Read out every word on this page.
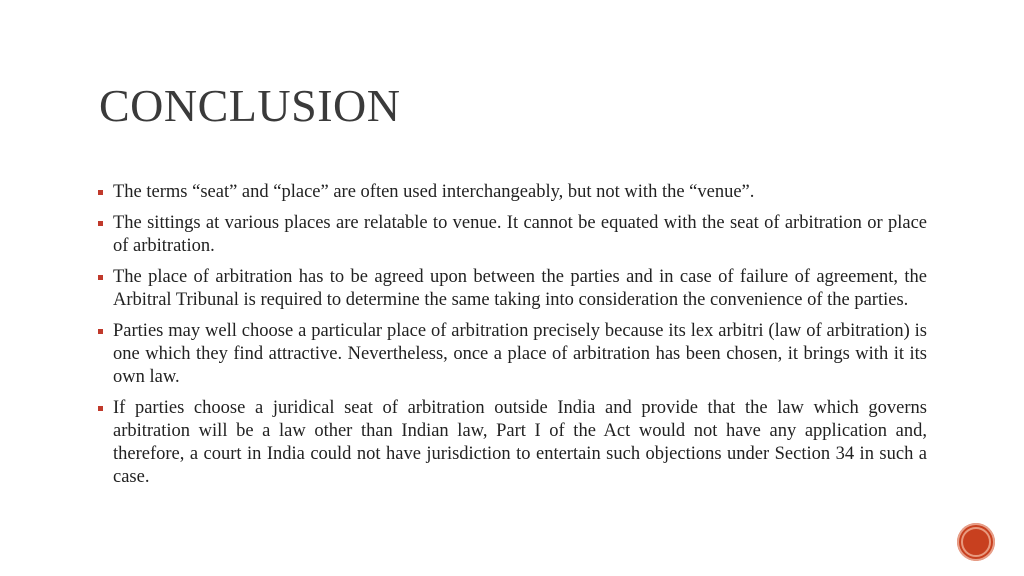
CONCLUSION
The terms “seat” and “place” are often used interchangeably, but not with the “venue”.
The sittings at various places are relatable to venue. It cannot be equated with the seat of arbitration or place of arbitration.
The place of arbitration has to be agreed upon between the parties and in case of failure of agreement, the Arbitral Tribunal is required to determine the same taking into consideration the convenience of the parties.
Parties may well choose a particular place of arbitration precisely because its lex arbitri (law of arbitration) is one which they find attractive. Nevertheless, once a place of arbitration has been chosen, it brings with it its own law.
If parties choose a juridical seat of arbitration outside India and provide that the law which governs arbitration will be a law other than Indian law, Part I of the Act would not have any application and, therefore, a court in India could not have jurisdiction to entertain such objections under Section 34 in such a case.
